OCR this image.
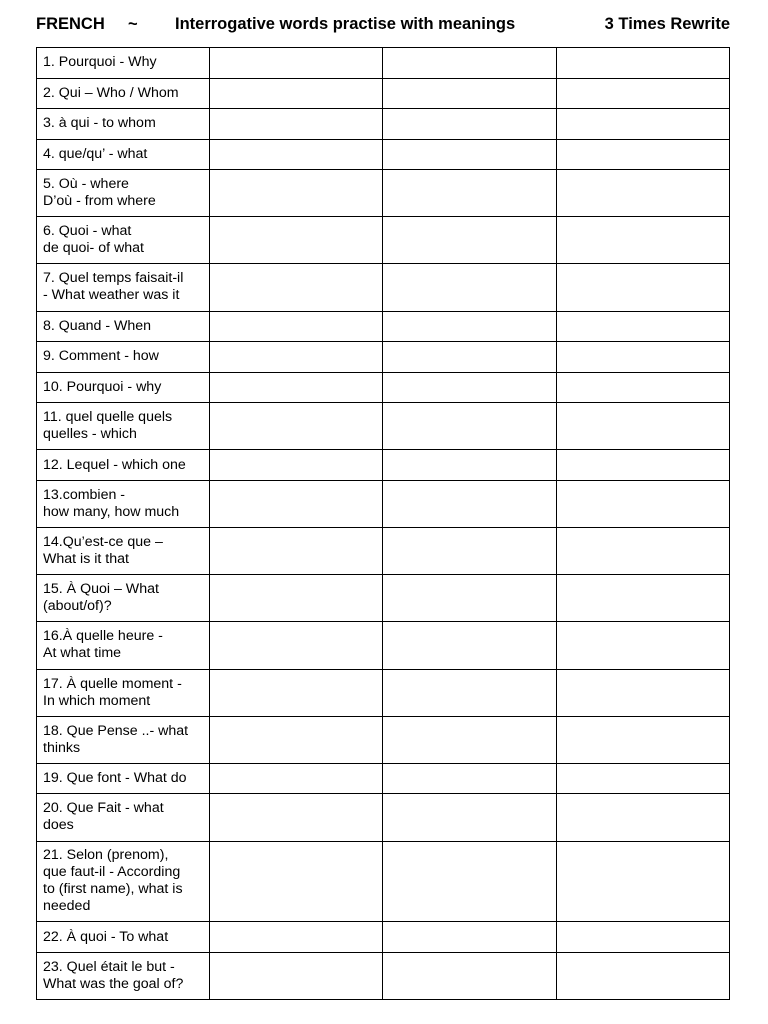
FRENCH ~ Interrogative words practise with meanings	3 Times Rewrite
1. Pourquoi - Why			
2. Qui – Who / Whom			
3. à qui - to whom			
4. que/qu’ - what			
5. Où - where
D’où - from where			
6. Quoi - what
de quoi- of what			
7. Quel temps faisait-il
- What weather was it			
8. Quand - When			
9. Comment - how			
10. Pourquoi - why			
11. quel quelle quels
quelles - which			
12. Lequel - which one			
13.combien -
how many, how much			
14.Qu’est-ce que –
What is it that			
15. À Quoi – What
(about/of)?			
16.À quelle heure -
At what time			
17. À quelle moment -
In which moment			
18. Que Pense ..- what
thinks			
19. Que font - What do			
20. Que Fait - what
does			
21. Selon (prenom),
que faut-il - According
to (first name), what is
needed			
22. À quoi - To what			
23. Quel était le but -
What was the goal of?			
